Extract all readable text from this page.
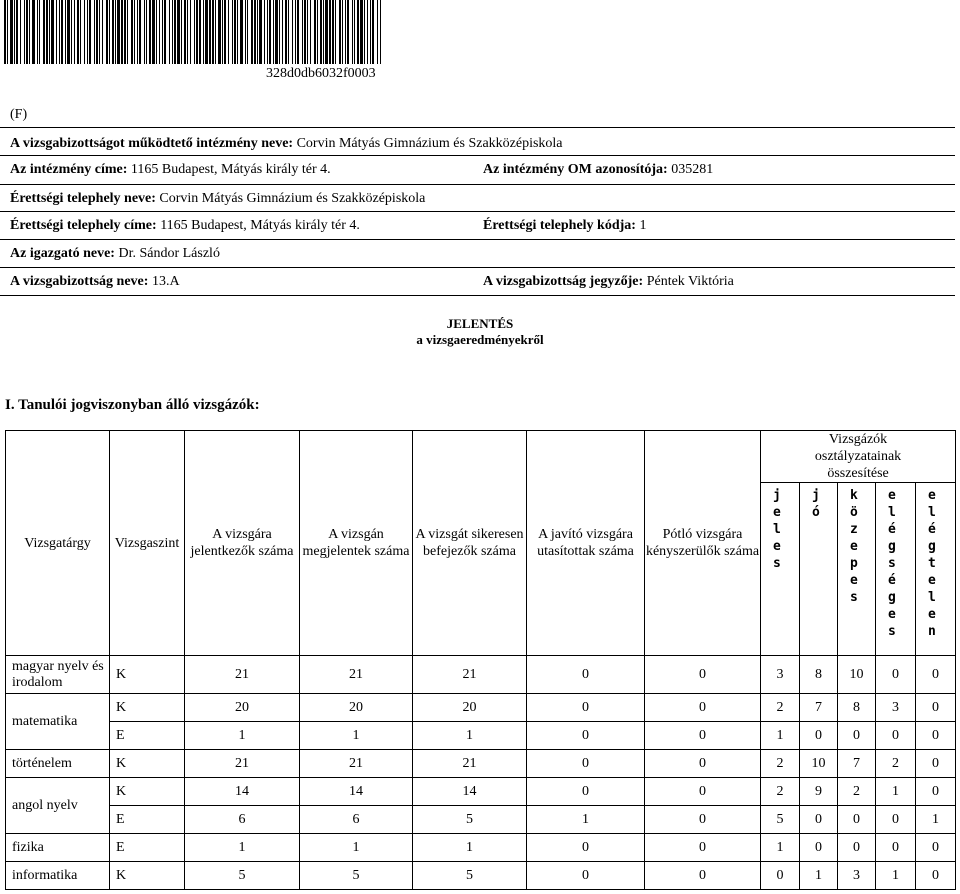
328d0db6032f0003
(F)
A vizsgabizottságot működtető intézmény neve: Corvin Mátyás Gimnázium és Szakközépiskola
Az intézmény címe: 1165 Budapest, Mátyás király tér 4.	Az intézmény OM azonosítója: 035281
Érettségi telephely neve: Corvin Mátyás Gimnázium és Szakközépiskola
Érettségi telephely címe: 1165 Budapest, Mátyás király tér 4.	Érettségi telephely kódja: 1
Az igazgató neve: Dr. Sándor László
A vizsgabizottság neve: 13.A	A vizsgabizottság jegyzője: Péntek Viktória
JELENTÉS
a vizsgaeredményekről
I. Tanulói jogviszonyban álló vizsgázók:
Vizsgatárgy	Vizsgaszint	A vizsgára jelentkezők száma	A vizsgán megjelentek száma	A vizsgát sikeresen befejezők száma	A javító vizsgára utasítottak száma	Pótló vizsgára kényszerülők száma	Vizsgázók osztályzatainak összesítése				

							jeles	jó	közepes	elégséges	elégtelen

magyar nyelv és irodalom	K	21	21	21	0	0	3	8	10	0	0
matematika	K	20	20	20	0	0	2	7	8	3	0
	E	1	1	1	0	0	1	0	0	0	0
történelem	K	21	21	21	0	0	2	10	7	2	0
angol nyelv	K	14	14	14	0	0	2	9	2	1	0
	E	6	6	5	1	0	5	0	0	0	1
fizika	E	1	1	1	0	0	1	0	0	0	0
informatika	K	5	5	5	0	0	0	1	3	1	0
